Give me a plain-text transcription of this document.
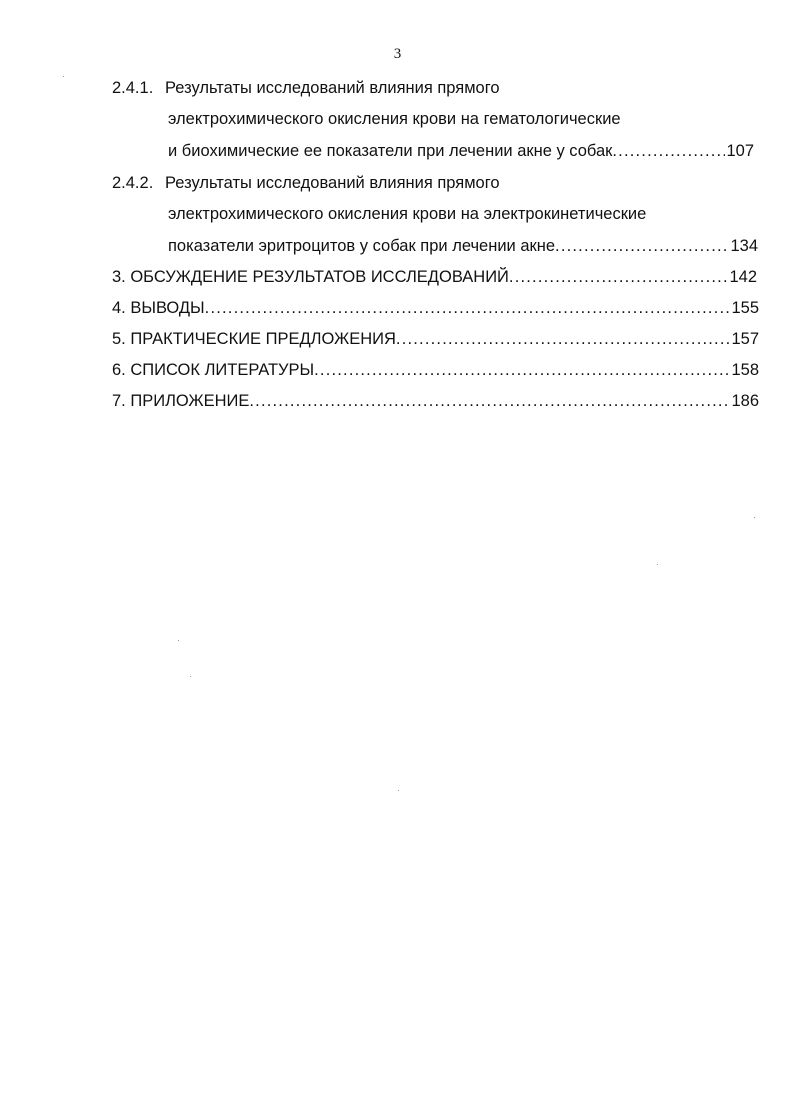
3
2.4.1. Результаты исследований влияния прямого
электрохимического окисления крови на гематологические
и биохимические ее показатели при лечении акне у собак .....	107
2.4.2. Результаты исследований влияния прямого
электрохимического окисления крови на электрокинетические
показатели эритроцитов у собак при лечении акне .....	134
3. ОБСУЖДЕНИЕ РЕЗУЛЬТАТОВ ИССЛЕДОВАНИЙ .....	142
4. ВЫВОДЫ .....	155
5. ПРАКТИЧЕСКИЕ ПРЕДЛОЖЕНИЯ .....	157
6. СПИСОК ЛИТЕРАТУРЫ .....	158
7. ПРИЛОЖЕНИЕ .....	186
